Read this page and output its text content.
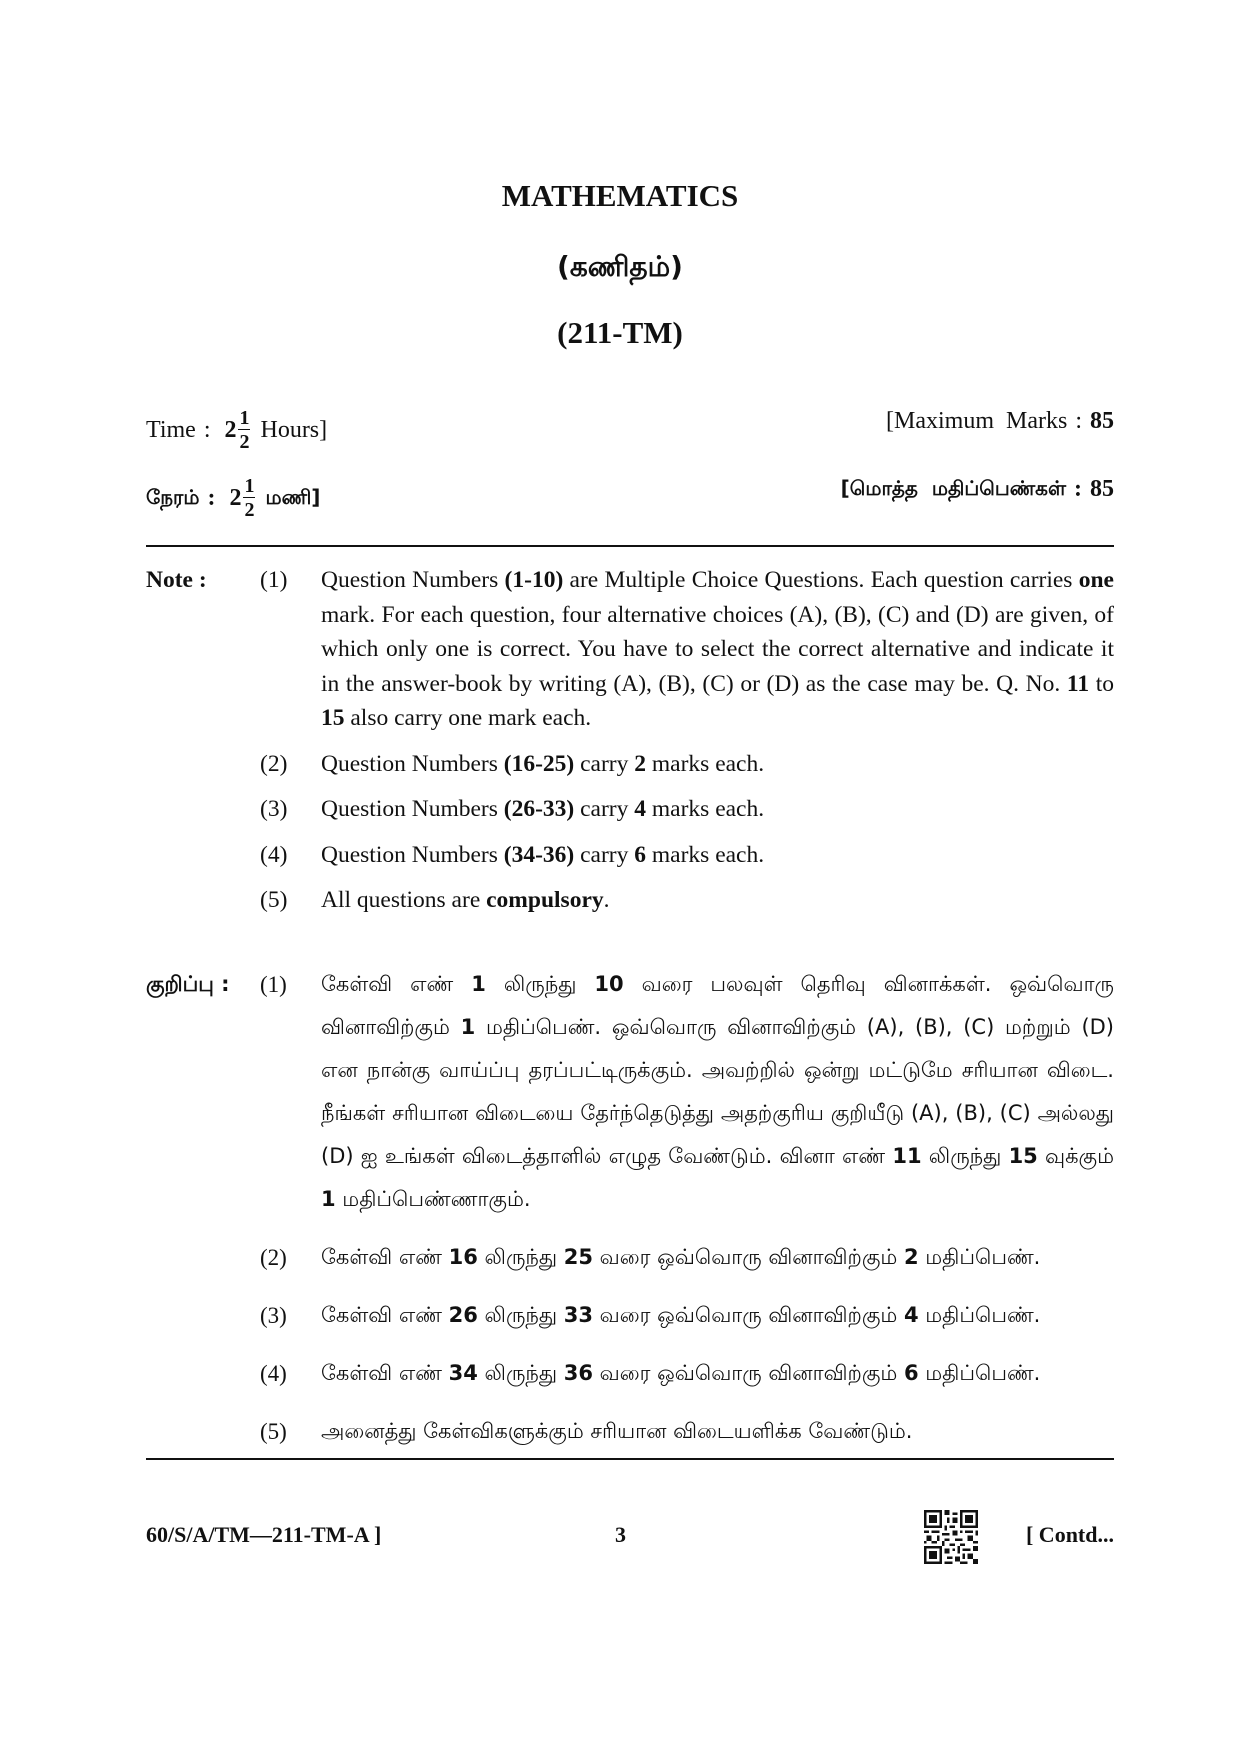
MATHEMATICS
(கணிதம்)
(211-TM)
Time : $2 \frac{1}{2}$ Hours]	[Maximum  Marks : 85
நேரம் : $2 \frac{1}{2}$ மணி]	[மொத்த  மதிப்பெண்கள் : 85
Note : (1) Question Numbers (1-10) are Multiple Choice Questions. Each question carries one mark. For each question, four alternative choices (A), (B), (C) and (D) are given, of which only one is correct. You have to select the correct alternative and indicate it in the answer-book by writing (A), (B), (C) or (D) as the case may be. Q. No. 11 to 15 also carry one mark each.

(2) Question Numbers (16-25) carry 2 marks each.

(3) Question Numbers (26-33) carry 4 marks each.

(4) Question Numbers (34-36) carry 6 marks each.

(5) All questions are compulsory.

குறிப்பு : (1) கேள்வி எண் 1 லிருந்து 10 வரை பலவுள் தெரிவு வினாக்கள். ஒவ்வொரு வினாவிற்கும் 1 மதிப்பெண். ஒவ்வொரு வினாவிற்கும் (A), (B), (C) மற்றும் (D) என நான்கு வாய்ப்பு தரப்பட்டிருக்கும். அவற்றில் ஒன்று மட்டுமே சரியான விடை. நீங்கள் சரியான விடையை தேர்ந்தெடுத்து அதற்குரிய குறியீடு (A), (B), (C) அல்லது (D) ஐ உங்கள் விடைத்தாளில் எழுத வேண்டும். வினா எண் 11 லிருந்து 15 வுக்கும் 1 மதிப்பெண்ணாகும்.

(2) கேள்வி எண் 16 லிருந்து 25 வரை ஒவ்வொரு வினாவிற்கும் 2 மதிப்பெண்.

(3) கேள்வி எண் 26 லிருந்து 33 வரை ஒவ்வொரு வினாவிற்கும் 4 மதிப்பெண்.

(4) கேள்வி எண் 34 லிருந்து 36 வரை ஒவ்வொரு வினாவிற்கும் 6 மதிப்பெண்.

(5) அனைத்து கேள்விகளுக்கும் சரியான விடையளிக்க வேண்டும்.

60/S/A/TM—211-TM-A ]	3	[ Contd...
